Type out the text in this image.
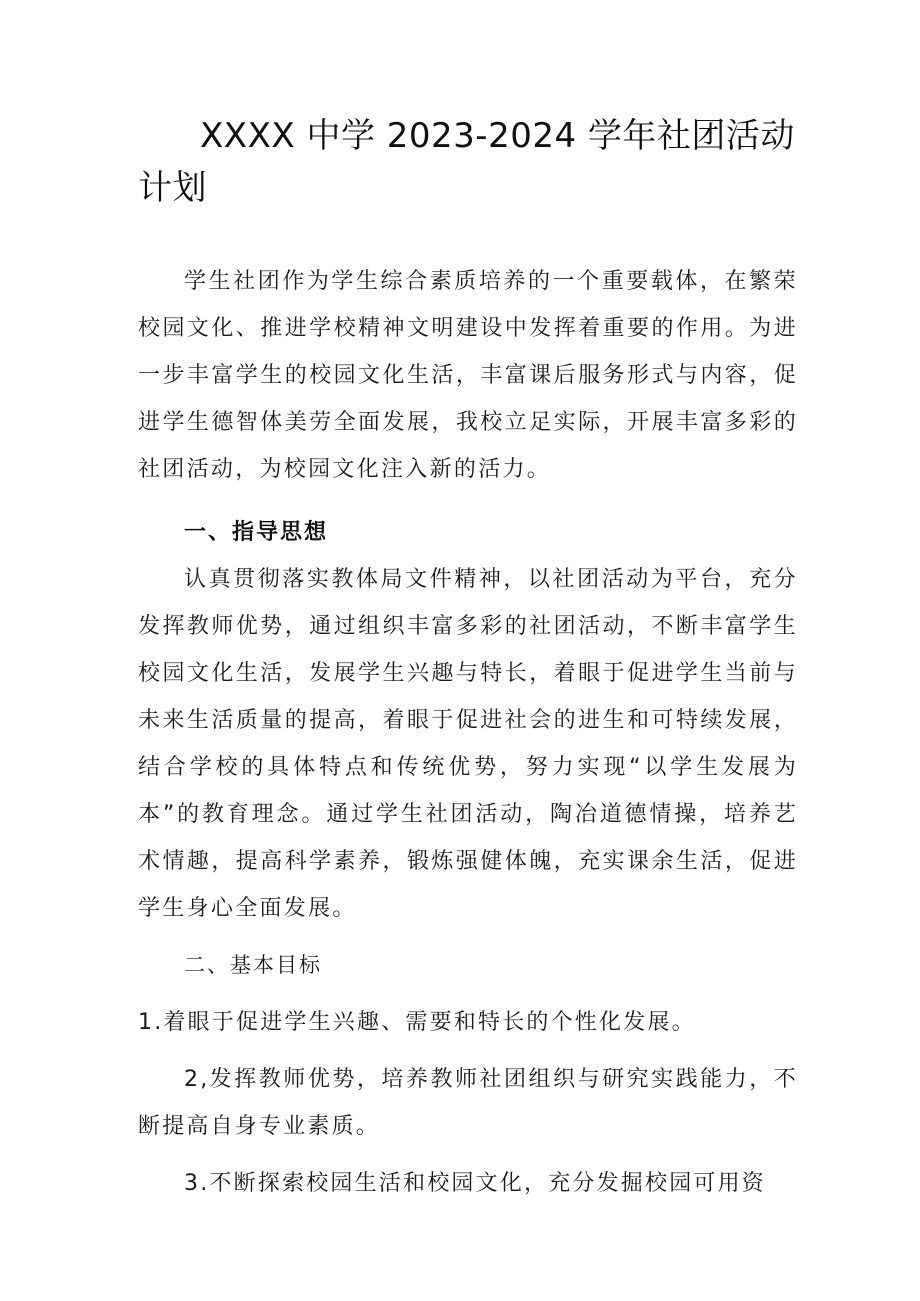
XXXX 中学 2023-2024 学年社团活动计划

学生社团作为学生综合素质培养的一个重要载体，在繁荣校园文化、推进学校精神文明建设中发挥着重要的作用。为进一步丰富学生的校园文化生活，丰富课后服务形式与内容，促进学生德智体美劳全面发展，我校立足实际，开展丰富多彩的社团活动，为校园文化注入新的活力。

一、指导思想

认真贯彻落实教体局文件精神，以社团活动为平台，充分发挥教师优势，通过组织丰富多彩的社团活动，不断丰富学生校园文化生活，发展学生兴趣与特长，着眼于促进学生当前与未来生活质量的提高，着眼于促进社会的进生和可特续发展，结合学校的具体特点和传统优势，努力实现“以学生发展为本”的教育理念。通过学生社团活动，陶冶道德情操，培养艺术情趣，提高科学素养，锻炼强健体魄，充实课余生活，促进学生身心全面发展。

二、基本目标

1.着眼于促进学生兴趣、需要和特长的个性化发展。

2,发挥教师优势，培养教师社团组织与研究实践能力，不断提高自身专业素质。

3.不断探索校园生活和校园文化，充分发掘校园可用资
